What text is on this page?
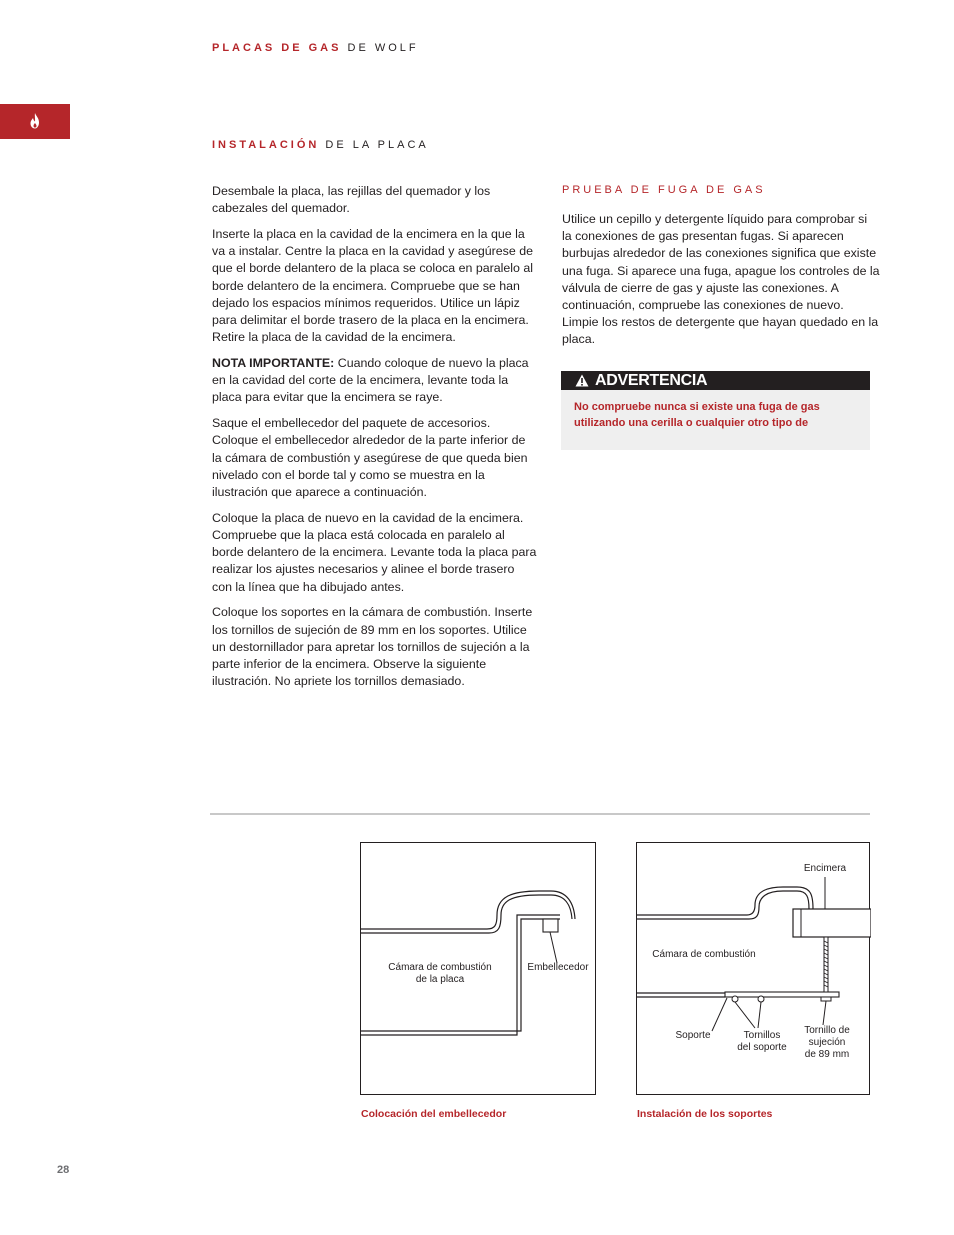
PLACAS DE GAS DE WOLF
INSTALACIÓN DE LA PLACA

Desembale la placa, las rejillas del quemador y los cabezales del quemador.

Inserte la placa en la cavidad de la encimera en la que la va a instalar. Centre la placa en la cavidad y asegúrese de que el borde delantero de la placa se coloca en paralelo al borde delantero de la encimera. Compruebe que se han dejado los espacios mínimos requeridos. Utilice un lápiz para delimitar el borde trasero de la placa en la encimera. Retire la placa de la cavidad de la encimera.

NOTA IMPORTANTE: Cuando coloque de nuevo la placa en la cavidad del corte de la encimera, levante toda la placa para evitar que la encimera se raye.

Saque el embellecedor del paquete de accesorios. Coloque el embellecedor alrededor de la parte inferior de la cámara de combustión y asegúrese de que queda bien nivelado con el borde tal y como se muestra en la ilustración que aparece a continuación.

Coloque la placa de nuevo en la cavidad de la encimera. Compruebe que la placa está colocada en paralelo al borde delantero de la encimera. Levante toda la placa para realizar los ajustes necesarios y alinee el borde trasero con la línea que ha dibujado antes.

Coloque los soportes en la cámara de combustión. Inserte los tornillos de sujeción de 89 mm en los soportes. Utilice un destornillador para apretar los tornillos de sujeción a la parte inferior de la encimera. Observe la siguiente ilustración. No apriete los tornillos demasiado.

PRUEBA DE FUGA DE GAS

Utilice un cepillo y detergente líquido para comprobar si la conexiones de gas presentan fugas. Si aparecen burbujas alrededor de las conexiones significa que existe una fuga. Si aparece una fuga, apague los controles de la válvula de cierre de gas y ajuste las conexiones. A continuación, compruebe las conexiones de nuevo. Limpie los restos de detergente que hayan quedado en la placa.

ADVERTENCIA
No compruebe nunca si existe una fuga de gas utilizando una cerilla o cualquier otro tipo de
Cámara de combustión
de la placa
Embellecedor
Colocación del embellecedor
Encimera
Cámara de combustión
Soporte	Tornillos
del soporte
Tornillo de
sujeción
de 89 mm
Instalación de los soportes
28
